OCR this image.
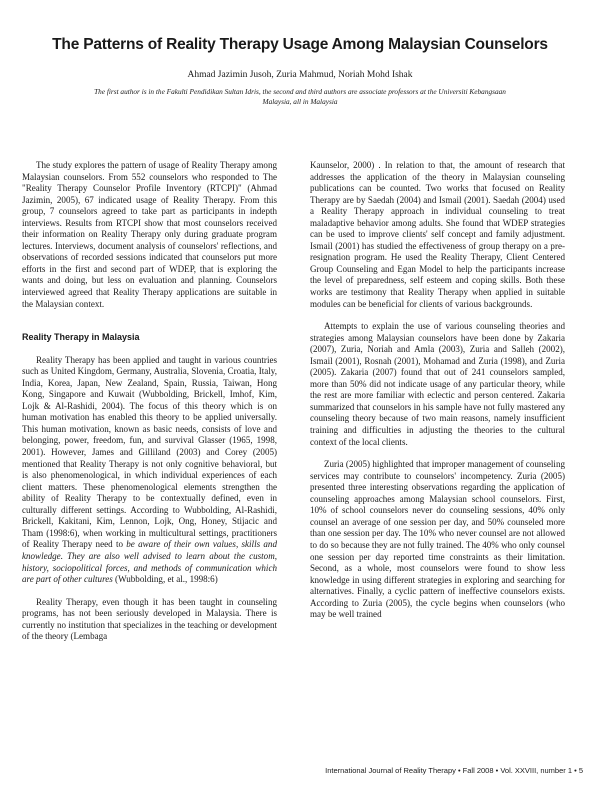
The Patterns of Reality Therapy Usage Among Malaysian Counselors
Ahmad Jazimin Jusoh, Zuria Mahmud, Noriah Mohd Ishak
The first author is in the Fakulti Pendidikan Sultan Idris, the second and third authors are associate professors at the Universiti Kebangsaan Malaysia, all in Malaysia

The study explores the pattern of usage of Reality Therapy among Malaysian counselors. From 552 counselors who responded to The "Reality Therapy Counselor Profile Inventory (RTCPI)" (Ahmad Jazimin, 2005), 67 indicated usage of Reality Therapy. From this group, 7 counselors agreed to take part as participants in indepth interviews. Results from RTCPI show that most counselors received their information on Reality Therapy only during graduate program lectures. Interviews, document analysis of counselors' reflections, and observations of recorded sessions indicated that counselors put more efforts in the first and second part of WDEP, that is exploring the wants and doing, but less on evaluation and planning. Counselors interviewed agreed that Reality Therapy applications are suitable in the Malaysian context.

Reality Therapy in Malaysia

Reality Therapy has been applied and taught in various countries such as United Kingdom, Germany, Australia, Slovenia, Croatia, Italy, India, Korea, Japan, New Zealand, Spain, Russia, Taiwan, Hong Kong, Singapore and Kuwait (Wubbolding, Brickell, Imhof, Kim, Lojk & Al-Rashidi, 2004). The focus of this theory which is on human motivation has enabled this theory to be applied universally. This human motivation, known as basic needs, consists of love and belonging, power, freedom, fun, and survival Glasser (1965, 1998, 2001). However, James and Gilliland (2003) and Corey (2005) mentioned that Reality Therapy is not only cognitive behavioral, but is also phenomenological, in which individual experiences of each client matters. These phenomenological elements strengthen the ability of Reality Therapy to be contextually defined, even in culturally different settings. According to Wubbolding, Al-Rashidi, Brickell, Kakitani, Kim, Lennon, Lojk, Ong, Honey, Stijacic and Tham (1998:6), when working in multicultural settings, practitioners of Reality Therapy need to be aware of their own values, skills and knowledge. They are also well advised to learn about the custom, history, sociopolitical forces, and methods of communication which are part of other cultures (Wubbolding, et al., 1998:6)

Reality Therapy, even though it has been taught in counseling programs, has not been seriously developed in Malaysia. There is currently no institution that specializes in the teaching or development of the theory (Lembaga

Kaunselor, 2000) . In relation to that, the amount of research that addresses the application of the theory in Malaysian counseling publications can be counted. Two works that focused on Reality Therapy are by Saedah (2004) and Ismail (2001). Saedah (2004) used a Reality Therapy approach in individual counseling to treat maladaptive behavior among adults. She found that WDEP strategies can be used to improve clients' self concept and family adjustment. Ismail (2001) has studied the effectiveness of group therapy on a pre-resignation program. He used the Reality Therapy, Client Centered Group Counseling and Egan Model to help the participants increase the level of preparedness, self esteem and coping skills. Both these works are testimony that Reality Therapy when applied in suitable modules can be beneficial for clients of various backgrounds.

Attempts to explain the use of various counseling theories and strategies among Malaysian counselors have been done by Zakaria (2007), Zuria, Noriah and Amla (2003), Zuria and Salleh (2002), Ismail (2001), Rosnah (2001), Mohamad and Zuria (1998), and Zuria (2005). Zakaria (2007) found that out of 241 counselors sampled, more than 50% did not indicate usage of any particular theory, while the rest are more familiar with eclectic and person centered. Zakaria summarized that counselors in his sample have not fully mastered any counseling theory because of two main reasons, namely insufficient training and difficulties in adjusting the theories to the cultural context of the local clients.

Zuria (2005) highlighted that improper management of counseling services may contribute to counselors' incompetency. Zuria (2005) presented three interesting observations regarding the application of counseling approaches among Malaysian school counselors. First, 10% of school counselors never do counseling sessions, 40% only counsel an average of one session per day, and 50% counseled more than one session per day. The 10% who never counsel are not allowed to do so because they are not fully trained. The 40% who only counsel one session per day reported time constraints as their limitation. Second, as a whole, most counselors were found to show less knowledge in using different strategies in exploring and searching for alternatives. Finally, a cyclic pattern of ineffective counselors exists. According to Zuria (2005), the cycle begins when counselors (who may be well trained

International Journal of Reality Therapy • Fall 2008 • Vol. XXVIII, number 1 • 5
